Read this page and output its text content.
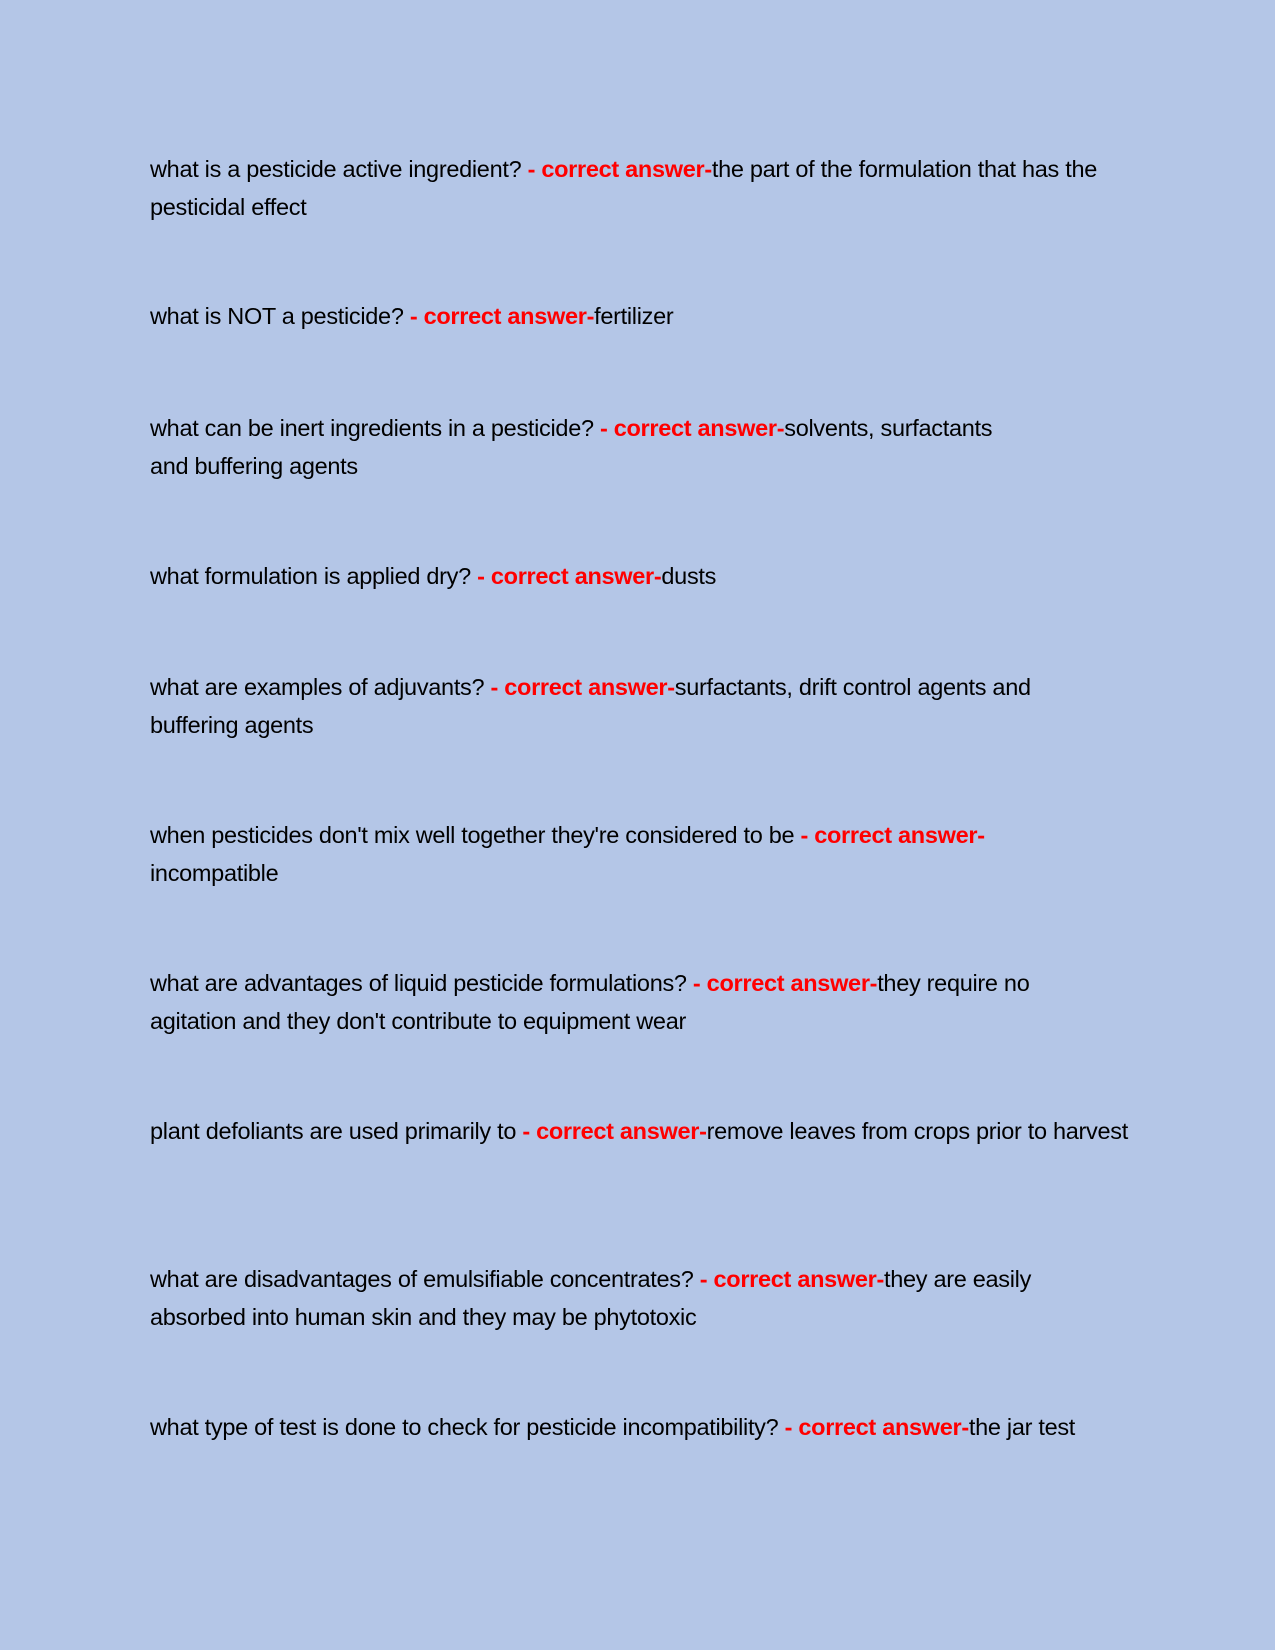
what is a pesticide active ingredient? - correct answer-the part of the formulation that has the pesticidal effect

what is NOT a pesticide? - correct answer-fertilizer

what can be inert ingredients in a pesticide? - correct answer-solvents, surfactants and buffering agents

what formulation is applied dry? - correct answer-dusts

what are examples of adjuvants? - correct answer-surfactants, drift control agents and buffering agents

when pesticides don't mix well together they're considered to be - correct answer-incompatible

what are advantages of liquid pesticide formulations? - correct answer-they require no agitation and they don't contribute to equipment wear

plant defoliants are used primarily to - correct answer-remove leaves from crops prior to harvest

what are disadvantages of emulsifiable concentrates? - correct answer-they are easily absorbed into human skin and they may be phytotoxic

what type of test is done to check for pesticide incompatibility? - correct answer-the jar test
